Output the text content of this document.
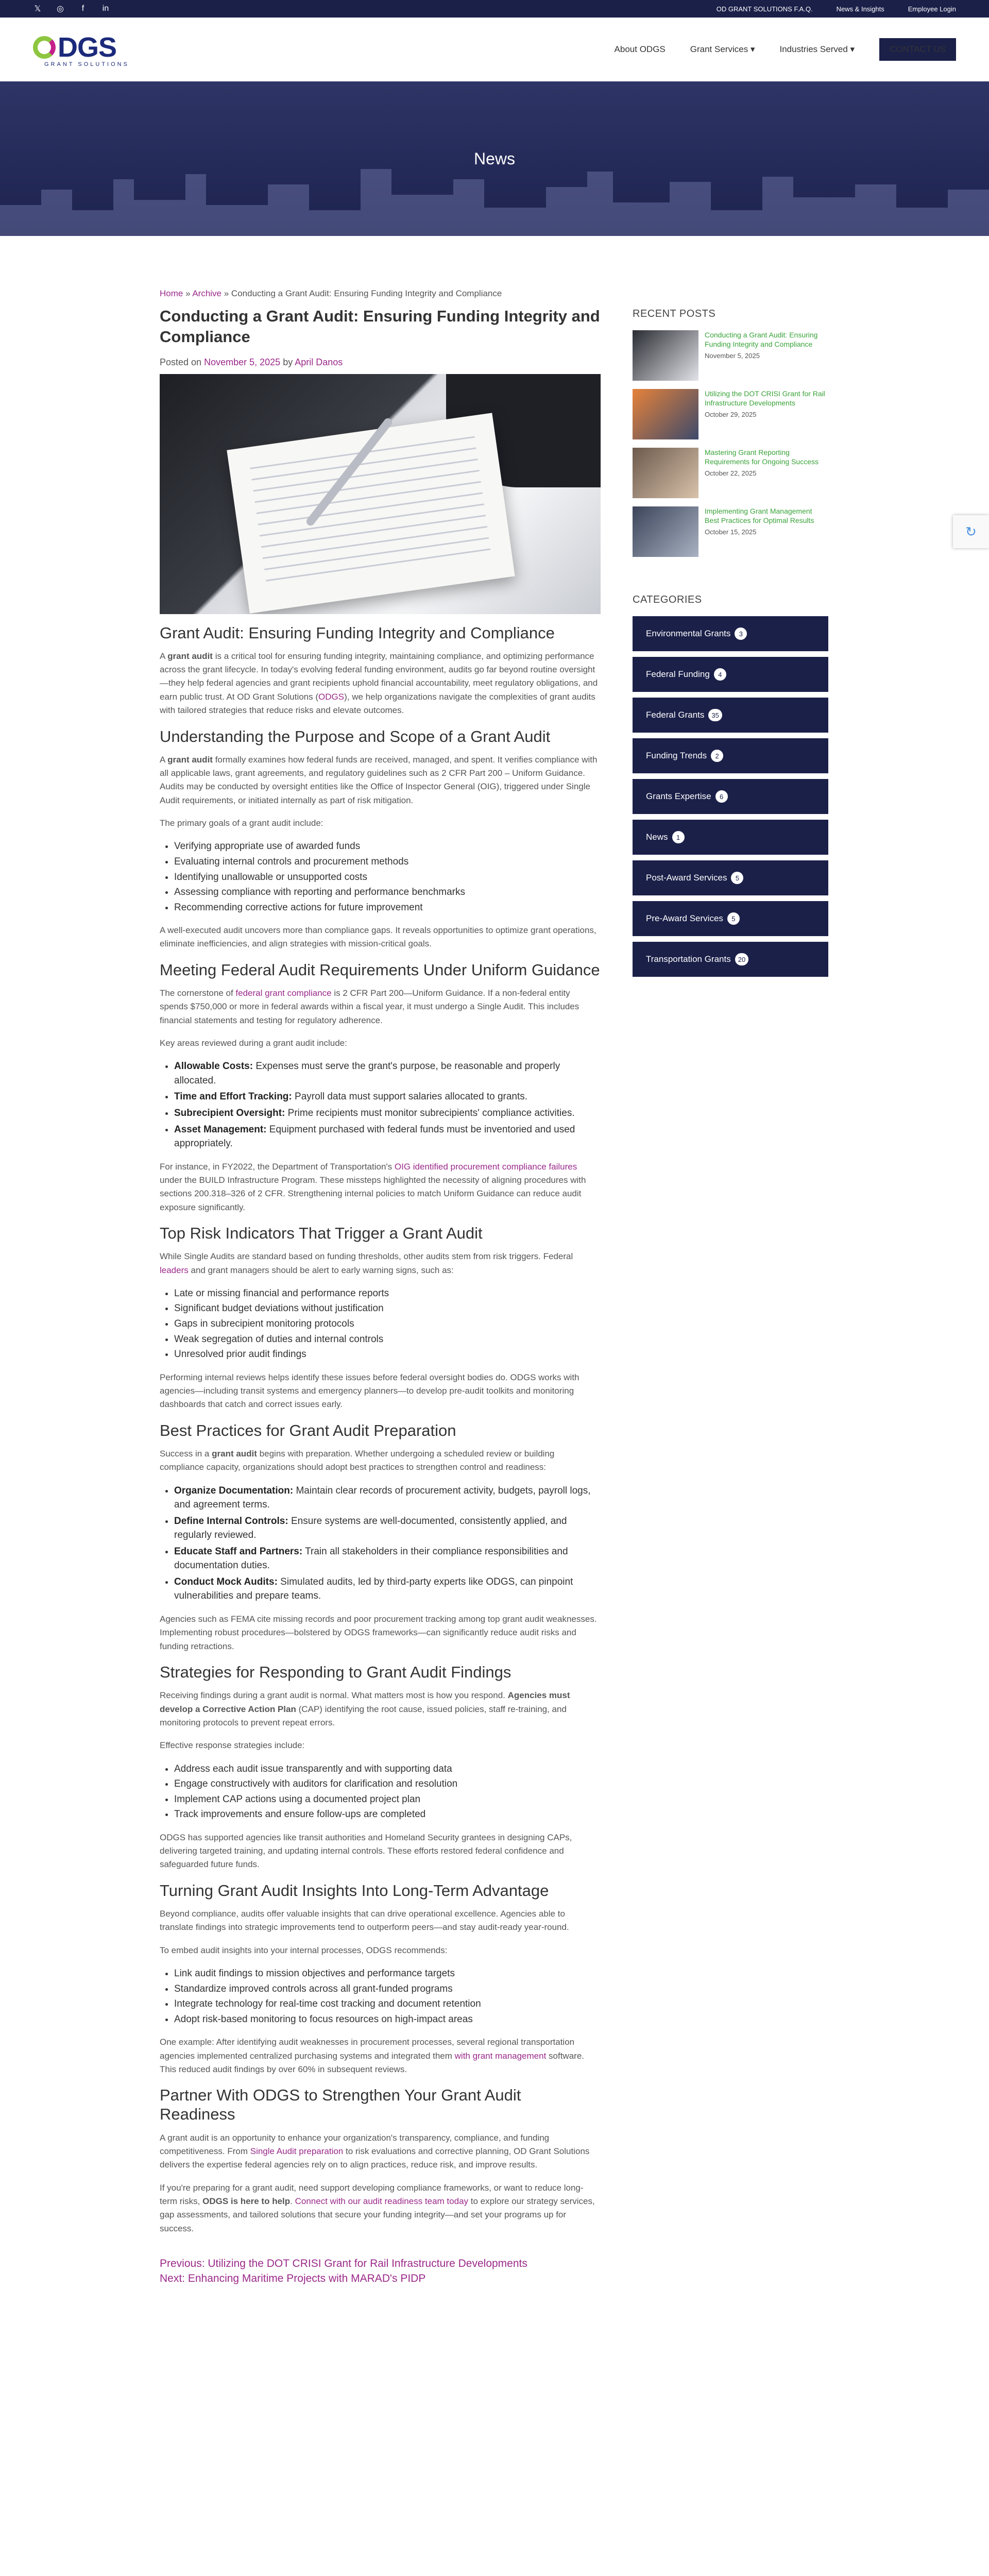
𝕏 ◎	f	in	OD GRANT SOLUTIONS F.A.Q.	News & Insights	Employee Login
DGS
GRANT SOLUTIONS
About ODGS	Grant Services ▾	Industries Served ▾	CONTACT US
News
Home » Archive » Conducting a Grant Audit: Ensuring Funding Integrity and Compliance
Conducting a Grant Audit: Ensuring Funding Integrity and Compliance
Posted on November 5, 2025 by April Danos
Grant Audit: Ensuring Funding Integrity and Compliance

A grant audit is a critical tool for ensuring funding integrity, maintaining compliance, and optimizing performance across the grant lifecycle. In today's evolving federal funding environment, audits go far beyond routine oversight—they help federal agencies and grant recipients uphold financial accountability, meet regulatory obligations, and earn public trust. At OD Grant Solutions (ODGS), we help organizations navigate the complexities of grant audits with tailored strategies that reduce risks and elevate outcomes.

Understanding the Purpose and Scope of a Grant Audit

A grant audit formally examines how federal funds are received, managed, and spent. It verifies compliance with all applicable laws, grant agreements, and regulatory guidelines such as 2 CFR Part 200 – Uniform Guidance. Audits may be conducted by oversight entities like the Office of Inspector General (OIG), triggered under Single Audit requirements, or initiated internally as part of risk mitigation.

The primary goals of a grant audit include:

• Verifying appropriate use of awarded funds
• Evaluating internal controls and procurement methods
• Identifying unallowable or unsupported costs
• Assessing compliance with reporting and performance benchmarks
• Recommending corrective actions for future improvement

A well-executed audit uncovers more than compliance gaps. It reveals opportunities to optimize grant operations, eliminate inefficiencies, and align strategies with mission-critical goals.

Meeting Federal Audit Requirements Under Uniform Guidance

The cornerstone of federal grant compliance is 2 CFR Part 200—Uniform Guidance. If a non-federal entity spends $750,000 or more in federal awards within a fiscal year, it must undergo a Single Audit. This includes financial statements and testing for regulatory adherence.

Key areas reviewed during a grant audit include:

• Allowable Costs: Expenses must serve the grant's purpose, be reasonable and properly allocated.
• Time and Effort Tracking: Payroll data must support salaries allocated to grants.
• Subrecipient Oversight: Prime recipients must monitor subrecipients' compliance activities.
• Asset Management: Equipment purchased with federal funds must be inventoried and used appropriately.

For instance, in FY2022, the Department of Transportation's OIG identified procurement compliance failures under the BUILD Infrastructure Program. These missteps highlighted the necessity of aligning procedures with sections 200.318–326 of 2 CFR. Strengthening internal policies to match Uniform Guidance can reduce audit exposure significantly.

Top Risk Indicators That Trigger a Grant Audit

While Single Audits are standard based on funding thresholds, other audits stem from risk triggers. Federal leaders and grant managers should be alert to early warning signs, such as:

• Late or missing financial and performance reports
• Significant budget deviations without justification
• Gaps in subrecipient monitoring protocols
• Weak segregation of duties and internal controls
• Unresolved prior audit findings

Performing internal reviews helps identify these issues before federal oversight bodies do. ODGS works with agencies—including transit systems and emergency planners—to develop pre-audit toolkits and monitoring dashboards that catch and correct issues early.

Best Practices for Grant Audit Preparation

Success in a grant audit begins with preparation. Whether undergoing a scheduled review or building compliance capacity, organizations should adopt best practices to strengthen control and readiness:

• Organize Documentation: Maintain clear records of procurement activity, budgets, payroll logs, and agreement terms.
• Define Internal Controls: Ensure systems are well-documented, consistently applied, and regularly reviewed.
• Educate Staff and Partners: Train all stakeholders in their compliance responsibilities and documentation duties.
• Conduct Mock Audits: Simulated audits, led by third-party experts like ODGS, can pinpoint vulnerabilities and prepare teams.

Agencies such as FEMA cite missing records and poor procurement tracking among top grant audit weaknesses. Implementing robust procedures—bolstered by ODGS frameworks—can significantly reduce audit risks and funding retractions.

Strategies for Responding to Grant Audit Findings

Receiving findings during a grant audit is normal. What matters most is how you respond. Agencies must develop a Corrective Action Plan (CAP) identifying the root cause, issued policies, staff re-training, and monitoring protocols to prevent repeat errors.

Effective response strategies include:

• Address each audit issue transparently and with supporting data
• Engage constructively with auditors for clarification and resolution
• Implement CAP actions using a documented project plan
• Track improvements and ensure follow-ups are completed

ODGS has supported agencies like transit authorities and Homeland Security grantees in designing CAPs, delivering targeted training, and updating internal controls. These efforts restored federal confidence and safeguarded future funds.

Turning Grant Audit Insights Into Long-Term Advantage

Beyond compliance, audits offer valuable insights that can drive operational excellence. Agencies able to translate findings into strategic improvements tend to outperform peers—and stay audit-ready year-round.

To embed audit insights into your internal processes, ODGS recommends:

• Link audit findings to mission objectives and performance targets
• Standardize improved controls across all grant-funded programs
• Integrate technology for real-time cost tracking and document retention
• Adopt risk-based monitoring to focus resources on high-impact areas

One example: After identifying audit weaknesses in procurement processes, several regional transportation agencies implemented centralized purchasing systems and integrated them with grant management software. This reduced audit findings by over 60% in subsequent reviews.

Partner With ODGS to Strengthen Your Grant Audit Readiness

A grant audit is an opportunity to enhance your organization's transparency, compliance, and funding competitiveness. From Single Audit preparation to risk evaluations and corrective planning, OD Grant Solutions delivers the expertise federal agencies rely on to align practices, reduce risk, and improve results.

If you're preparing for a grant audit, need support developing compliance frameworks, or want to reduce long-term risks, ODGS is here to help. Connect with our audit readiness team today to explore our strategy services, gap assessments, and tailored solutions that secure your funding integrity—and set your programs up for success.

Previous: Utilizing the DOT CRISI Grant for Rail Infrastructure Developments
Next: Enhancing Maritime Projects with MARAD's PIDP
RECENT POSTS
Conducting a Grant Audit: Ensuring Funding Integrity and Compliance
November 5, 2025
Utilizing the DOT CRISI Grant for Rail Infrastructure Developments
October 29, 2025
Mastering Grant Reporting Requirements for Ongoing Success
October 22, 2025
Implementing Grant Management Best Practices for Optimal Results
October 15, 2025
CATEGORIES
Environmental Grants	3
Federal Funding	4
Federal Grants	35
Funding Trends	2
Grants Expertise	6
News	1
Post-Award Services	5
Pre-Award Services	5
Transportation Grants	20
↻
